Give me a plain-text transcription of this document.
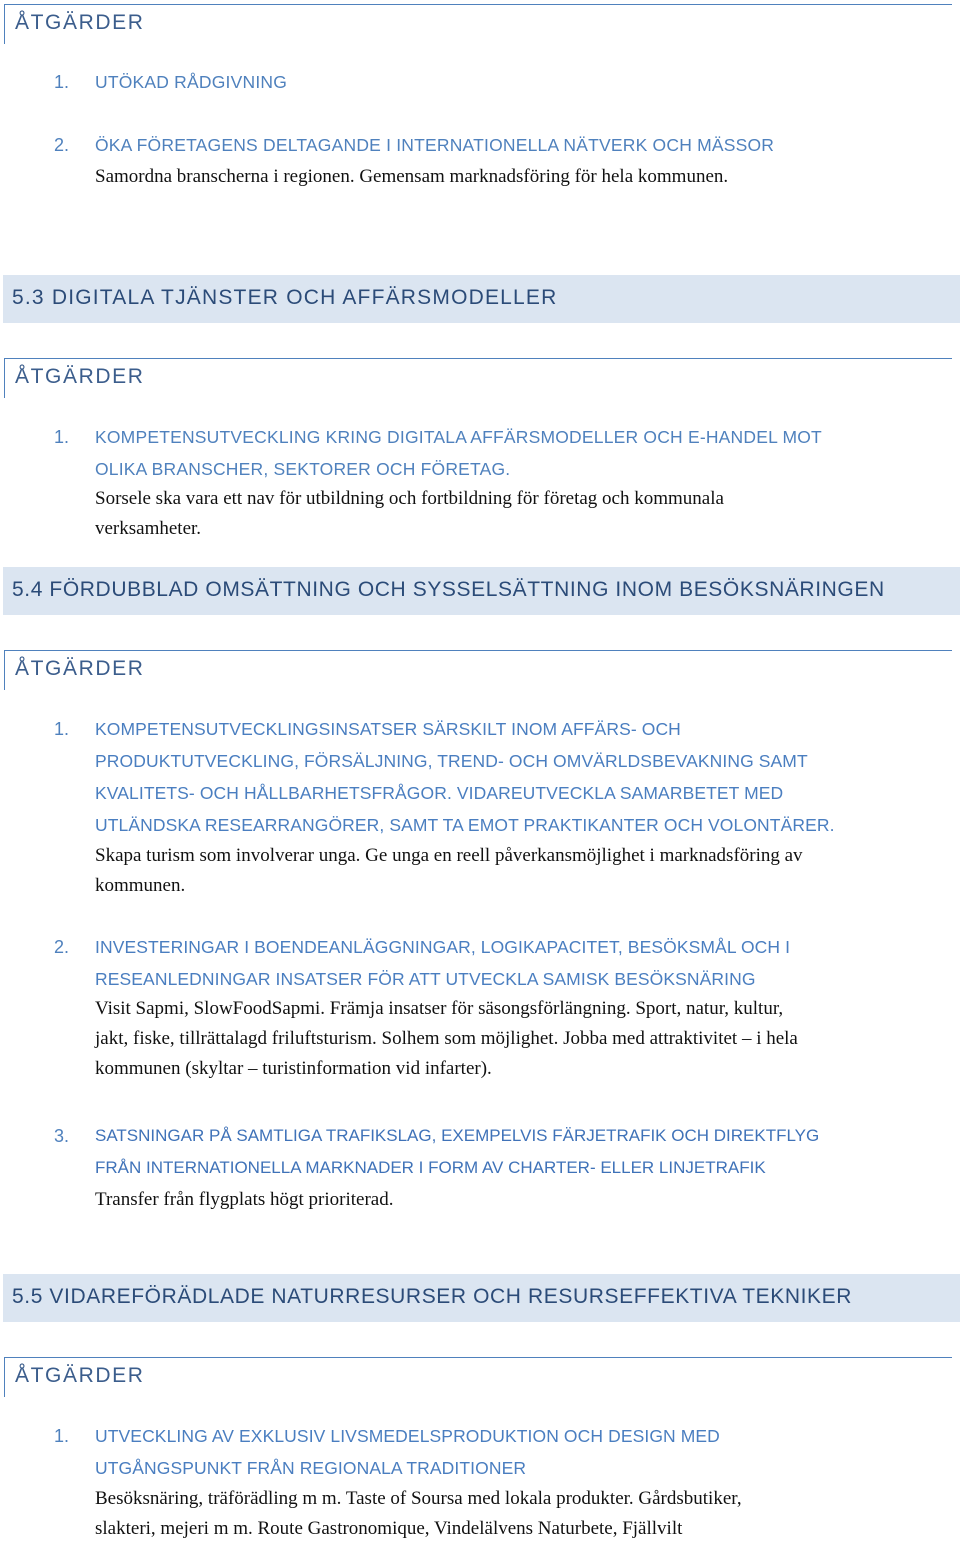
ÅTGÄRDER
1. UTÖKAD RÅDGIVNING
2. ÖKA FÖRETAGENS DELTAGANDE I INTERNATIONELLA NÄTVERK OCH MÄSSOR
Samordna branscherna i regionen. Gemensam marknadsföring för hela kommunen.
5.3 DIGITALA TJÄNSTER OCH AFFÄRSMODELLER
ÅTGÄRDER
1. KOMPETENSUTVECKLING KRING DIGITALA AFFÄRSMODELLER OCH E-HANDEL MOT
OLIKA BRANSCHER, SEKTORER OCH FÖRETAG.
Sorsele ska vara ett nav för utbildning och fortbildning för företag och kommunala
verksamheter.
5.4 FÖRDUBBLAD OMSÄTTNING OCH SYSSELSÄTTNING INOM BESÖKSNÄRINGEN
ÅTGÄRDER
1. KOMPETENSUTVECKLINGSINSATSER SÄRSKILT INOM AFFÄRS- OCH
PRODUKTUTVECKLING, FÖRSÄLJNING, TREND- OCH OMVÄRLDSBEVAKNING SAMT
KVALITETS- OCH HÅLLBARHETSFRÅGOR. VIDAREUTVECKLA SAMARBETET MED
UTLÄNDSKA RESEARRANGÖRER, SAMT TA EMOT PRAKTIKANTER OCH VOLONTÄRER.
Skapa turism som involverar unga. Ge unga en reell påverkansmöjlighet i marknadsföring av
kommunen.
2. INVESTERINGAR I BOENDEANLÄGGNINGAR, LOGIKAPACITET, BESÖKSMÅL OCH I
RESEANLEDNINGAR INSATSER FÖR ATT UTVECKLA SAMISK BESÖKSNÄRING
Visit Sapmi, SlowFoodSapmi. Främja insatser för säsongsförlängning. Sport, natur, kultur,
jakt, fiske, tillrättalagd friluftsturism. Solhem som möjlighet. Jobba med attraktivitet – i hela
kommunen (skyltar – turistinformation vid infarter).
3. SATSNINGAR PÅ SAMTLIGA TRAFIKSLAG, EXEMPELVIS FÄRJETRAFIK OCH DIREKTFLYG
FRÅN INTERNATIONELLA MARKNADER I FORM AV CHARTER- ELLER LINJETRAFIK
Transfer från flygplats högt prioriterad.
5.5 VIDAREFÖRÄDLADE NATURRESURSER OCH RESURSEFFEKTIVA TEKNIKER
ÅTGÄRDER
1. UTVECKLING AV EXKLUSIV LIVSMEDELSPRODUKTION OCH DESIGN MED
UTGÅNGSPUNKT FRÅN REGIONALA TRADITIONER
Besöksnäring, träförädling m m. Taste of Soursa med lokala produkter. Gårdsbutiker,
slakteri, mejeri m m. Route Gastronomique, Vindelälvens Naturbete, Fjällvilt
